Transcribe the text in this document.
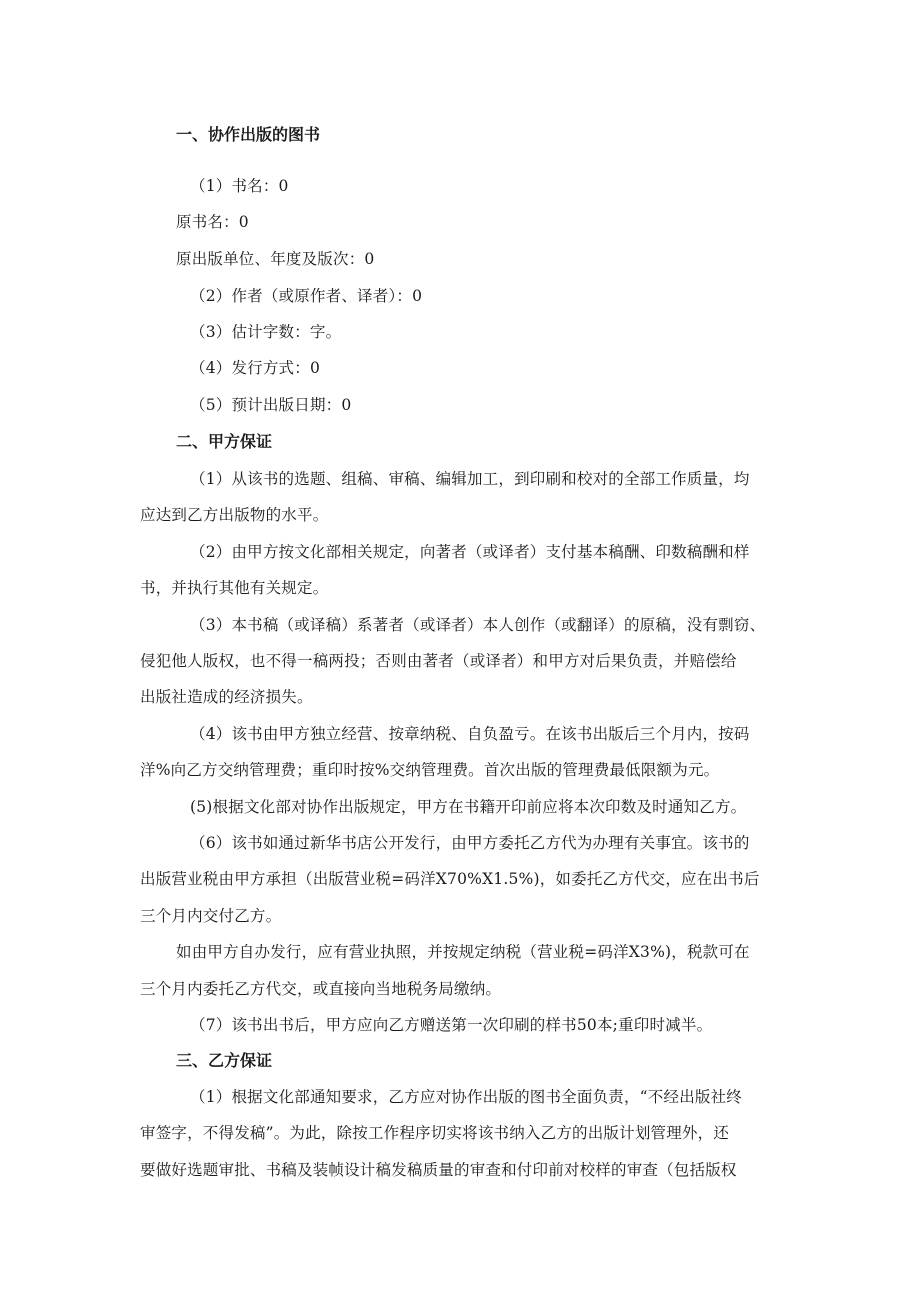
一、协作出版的图书
（1）书名：0
原书名：0
原出版单位、年度及版次：0
（2）作者（或原作者、译者）：0
（3）估计字数：字。
（4）发行方式：0
（5）预计出版日期：0
二、甲方保证
（1）从该书的选题、组稿、审稿、编辑加工，到印刷和校对的全部工作质量，均
应达到乙方出版物的水平。
（2）由甲方按文化部相关规定，向著者（或译者）支付基本稿酬、印数稿酬和样
书，并执行其他有关规定。
（3）本书稿（或译稿）系著者（或译者）本人创作（或翻译）的原稿，没有剽窃、
侵犯他人版权，也不得一稿两投；否则由著者（或译者）和甲方对后果负责，并赔偿给
出版社造成的经济损失。
（4）该书由甲方独立经营、按章纳税、自负盈亏。在该书出版后三个月内，按码
洋%向乙方交纳管理费；重印时按%交纳管理费。首次出版的管理费最低限额为元。
(5)根据文化部对协作出版规定，甲方在书籍开印前应将本次印数及时通知乙方。
（6）该书如通过新华书店公开发行，由甲方委托乙方代为办理有关事宜。该书的
出版营业税由甲方承担（出版营业税=码洋X70%X1.5%)，如委托乙方代交，应在出书后
三个月内交付乙方。
如由甲方自办发行，应有营业执照，并按规定纳税（营业税=码洋X3%)，税款可在
三个月内委托乙方代交，或直接向当地税务局缴纳。
（7）该书出书后，甲方应向乙方赠送第一次印刷的样书50本;重印时减半。
三、乙方保证
（1）根据文化部通知要求，乙方应对协作出版的图书全面负责，“不经出版社终
审签字，不得发稿”。为此，除按工作程序切实将该书纳入乙方的出版计划管理外，还
要做好选题审批、书稿及装帧设计稿发稿质量的审查和付印前对校样的审查（包括版权
